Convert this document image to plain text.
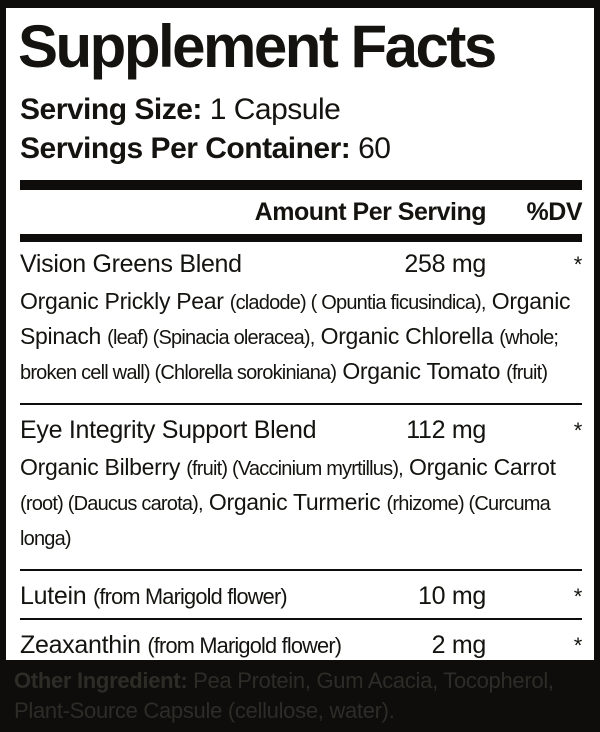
Supplement Facts
Serving Size: 1 Capsule
Servings Per Container: 60
Amount Per Serving	%DV
Vision Greens Blend	258 mg	*
Organic Prickly Pear (cladode) ( Opuntia ficusindica), Organic Spinach (leaf) (Spinacia oleracea), Organic Chlorella (whole; broken cell wall) (Chlorella sorokiniana) Organic Tomato (fruit)
Eye Integrity Support Blend	112 mg	*
Organic Bilberry (fruit) (Vaccinium myrtillus), Organic Carrot (root) (Daucus carota), Organic Turmeric (rhizome) (Curcuma longa)
Lutein (from Marigold flower)	10 mg	*
Zeaxanthin (from Marigold flower)	2 mg	*
Other Ingredient: Pea Protein, Gum Acacia, Tocopherol, Plant-Source Capsule (cellulose, water).
